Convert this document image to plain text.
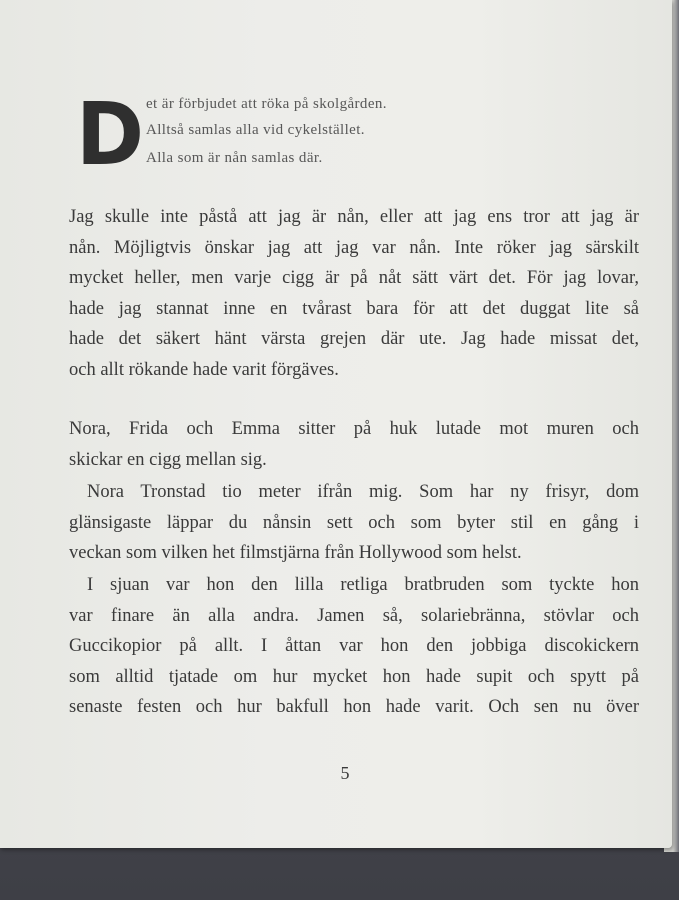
D et är förbjudet att röka på skolgården.
Alltså samlas alla vid cykelstället.
Alla som är nån samlas där.
Jag skulle inte påstå att jag är nån, eller att jag ens tror att jag är
nån. Möjligtvis önskar jag att jag var nån. Inte röker jag särskilt
mycket heller, men varje cigg är på nåt sätt värt det. För jag lovar,
hade jag stannat inne en tvårast bara för att det duggat lite så
hade det säkert hänt värsta grejen där ute. Jag hade missat det,
och allt rökande hade varit förgäves.
Nora, Frida och Emma sitter på huk lutade mot muren och
skickar en cigg mellan sig.
Nora Tronstad tio meter ifrån mig. Som har ny frisyr, dom
glänsigaste läppar du nånsin sett och som byter stil en gång i
veckan som vilken het filmstjärna från Hollywood som helst.
I sjuan var hon den lilla retliga bratbruden som tyckte hon
var finare än alla andra. Jamen så, solariebränna, stövlar och
Guccikopior på allt. I åttan var hon den jobbiga discokickern
som alltid tjatade om hur mycket hon hade supit och spytt på
senaste festen och hur bakfull hon hade varit. Och sen nu över
5
